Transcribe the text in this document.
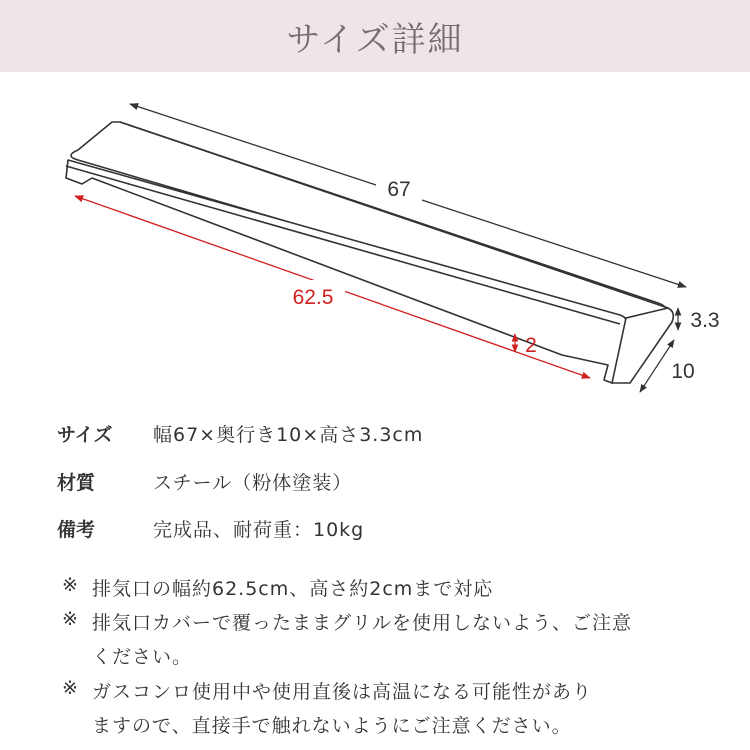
サイズ詳細
67
62.5
2
3.3
10
サイズ	幅67×奥行き10×高さ3.3cm
材質	スチール（粉体塗装）
備考	完成品、耐荷重：10kg
※ 排気口の幅約62.5cm、高さ約2cmまで対応
※ 排気口カバーで覆ったままグリルを使用しないよう、ご注意
ください。
※ ガスコンロ使用中や使用直後は高温になる可能性があり
ますので、直接手で触れないようにご注意ください。
